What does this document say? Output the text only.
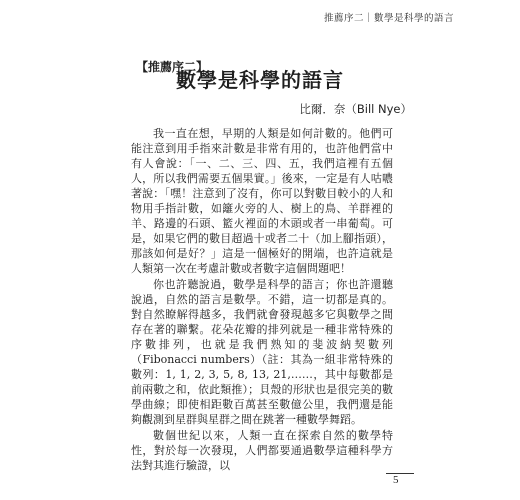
推薦序二｜數學是科學的語言
【推薦序二】
數學是科學的語言
比爾．奈（Bill Nye）

我一直在想，早期的人類是如何計數的。他們可能注意到用手指來計數是非常有用的，也許他們當中有人會說：「一、二、三、四、五，我們這裡有五個人，所以我們需要五個果實。」後來，一定是有人咕噥著說：「嘿！注意到了沒有，你可以對數目較小的人和物用手指計數，如籬火旁的人、樹上的鳥、羊群裡的羊、路邊的石頭、籃火裡面的木頭或者一串葡萄。可是，如果它們的數目超過十或者二十（加上腳指頭），那該如何是好？」這是一個極好的開端，也許這就是人類第一次在考慮計數或者數字這個問題吧！

你也許聽說過，數學是科學的語言；你也許還聽說過，自然的語言是數學。不錯，這一切都是真的。對自然瞭解得越多，我們就會發現越多它與數學之間存在著的聯繫。花朵花瓣的排列就是一種非常特殊的序數排列，也就是我們熟知的斐波納契數列（Fibonacci numbers）（註：其為一組非常特殊的數列：1, 1, 2, 3, 5, 8, 13, 21,……，其中每數都是前兩數之和，依此類推）；貝殼的形狀也是很完美的數學曲線；即使相距數百萬甚至數億公里，我們還是能夠觀測到星群與星群之間在跳著一種數學舞蹈。

數個世紀以來，人類一直在探索自然的數學特性，對於每一次發現，人們都要通過數學這種科學方法對其進行驗證，以

5
